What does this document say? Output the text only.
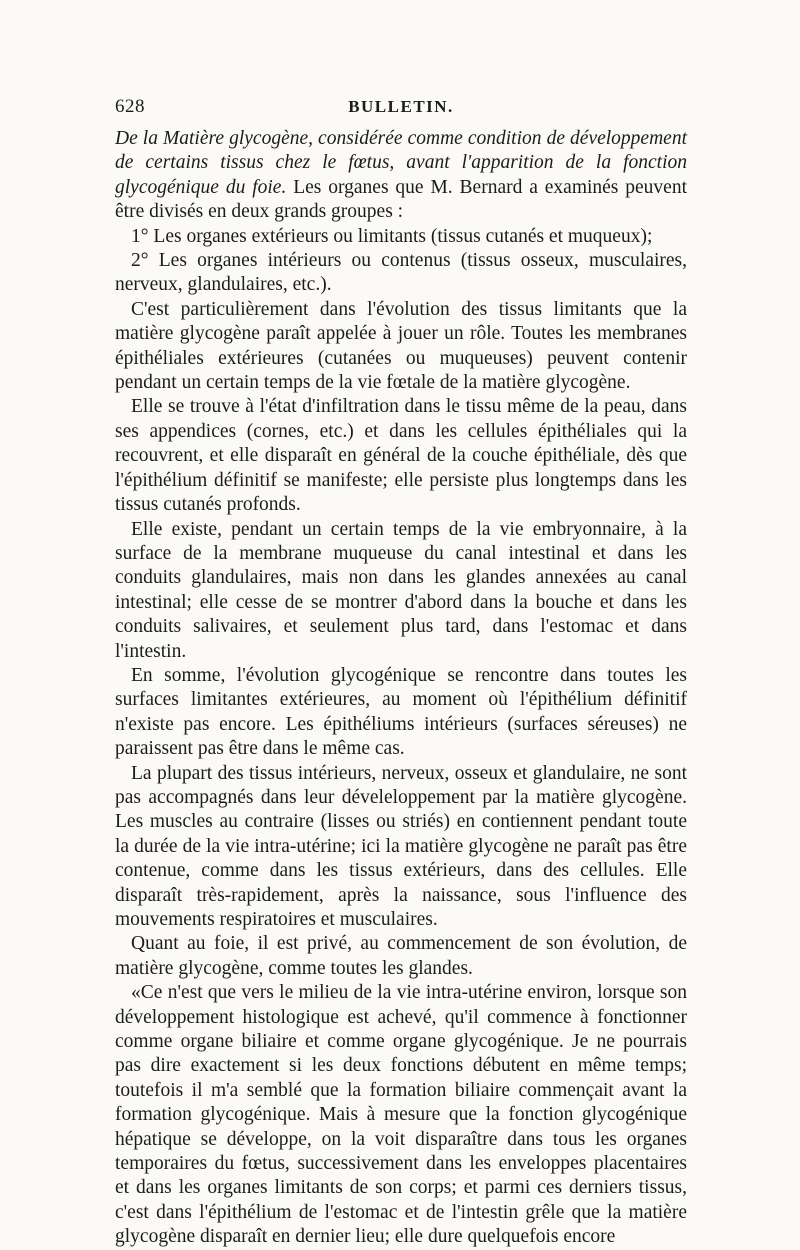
628	BULLETIN.

De la Matière glycogène, considérée comme condition de développement de certains tissus chez le fœtus, avant l'apparition de la fonction glycogénique du foie. Les organes que M. Bernard a examinés peuvent être divisés en deux grands groupes :

1° Les organes extérieurs ou limitants (tissus cutanés et muqueux);

2° Les organes intérieurs ou contenus (tissus osseux, musculaires, nerveux, glandulaires, etc.).

C'est particulièrement dans l'évolution des tissus limitants que la matière glycogène paraît appelée à jouer un rôle. Toutes les membranes épithéliales extérieures (cutanées ou muqueuses) peuvent contenir pendant un certain temps de la vie fœtale de la matière glycogène.

Elle se trouve à l'état d'infiltration dans le tissu même de la peau, dans ses appendices (cornes, etc.) et dans les cellules épithéliales qui la recouvrent, et elle disparaît en général de la couche épithéliale, dès que l'épithélium définitif se manifeste; elle persiste plus longtemps dans les tissus cutanés profonds.

Elle existe, pendant un certain temps de la vie embryonnaire, à la surface de la membrane muqueuse du canal intestinal et dans les conduits glandulaires, mais non dans les glandes annexées au canal intestinal; elle cesse de se montrer d'abord dans la bouche et dans les conduits salivaires, et seulement plus tard, dans l'estomac et dans l'intestin.

En somme, l'évolution glycogénique se rencontre dans toutes les surfaces limitantes extérieures, au moment où l'épithélium définitif n'existe pas encore. Les épithéliums intérieurs (surfaces séreuses) ne paraissent pas être dans le même cas.

La plupart des tissus intérieurs, nerveux, osseux et glandulaire, ne sont pas accompagnés dans leur déveleloppement par la matière glycogène. Les muscles au contraire (lisses ou striés) en contiennent pendant toute la durée de la vie intra-utérine; ici la matière glycogène ne paraît pas être contenue, comme dans les tissus extérieurs, dans des cellules. Elle disparaît très-rapidement, après la naissance, sous l'influence des mouvements respiratoires et musculaires.

Quant au foie, il est privé, au commencement de son évolution, de matière glycogène, comme toutes les glandes.

«Ce n'est que vers le milieu de la vie intra-utérine environ, lorsque son développement histologique est achevé, qu'il commence à fonctionner comme organe biliaire et comme organe glycogénique. Je ne pourrais pas dire exactement si les deux fonctions débutent en même temps; toutefois il m'a semblé que la formation biliaire commençait avant la formation glycogénique. Mais à mesure que la fonction glycogénique hépatique se développe, on la voit disparaître dans tous les organes temporaires du fœtus, successivement dans les enveloppes placentaires et dans les organes limitants de son corps; et parmi ces derniers tissus, c'est dans l'épithélium de l'estomac et de l'intestin grêle que la matière glycogène disparaît en dernier lieu; elle dure quelquefois encore
